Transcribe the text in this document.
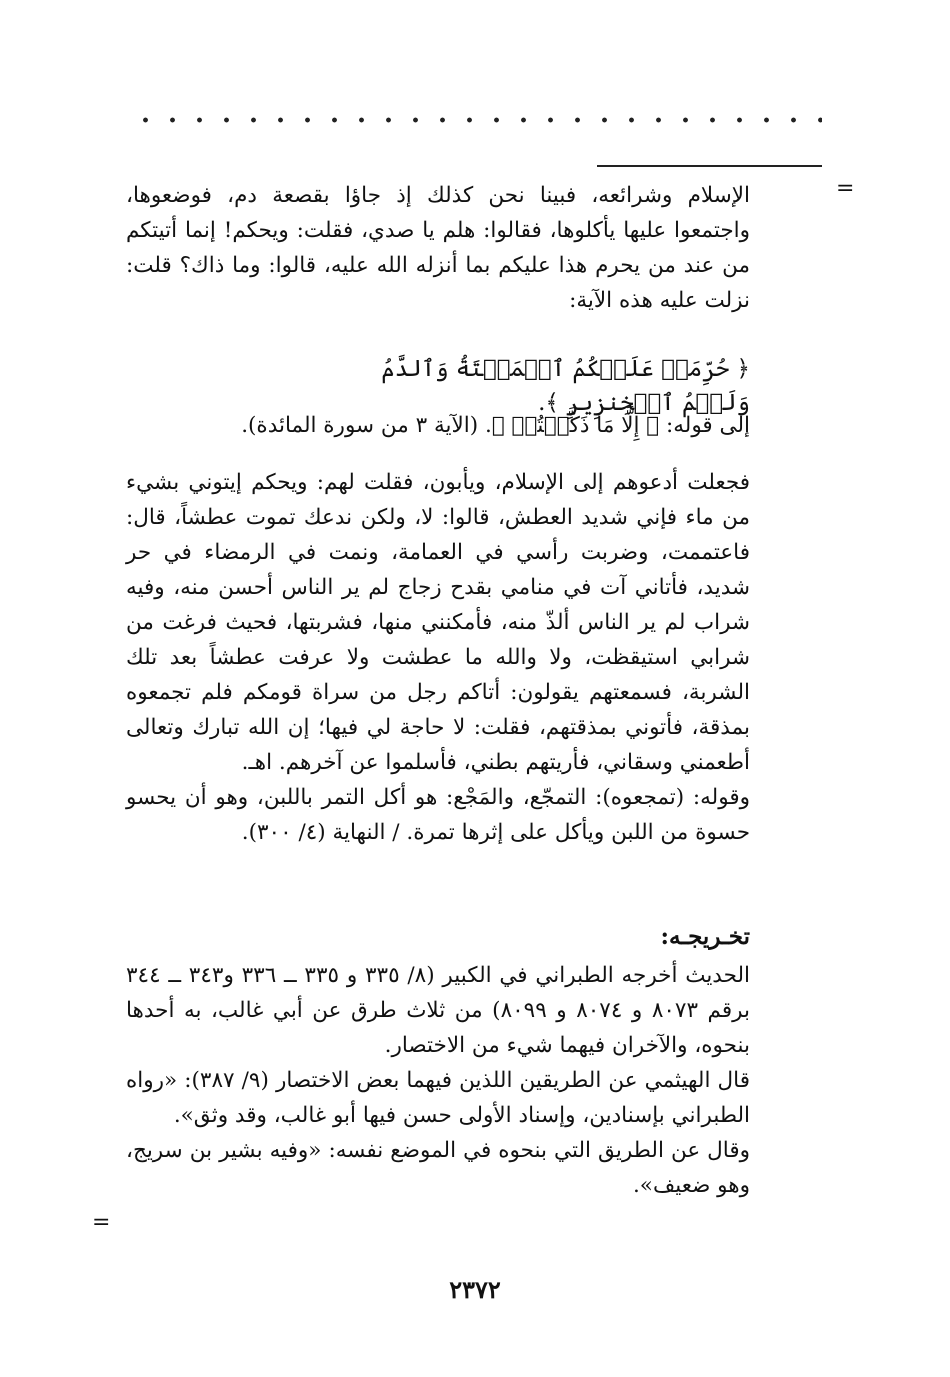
=
=

الإسلام وشرائعه، فبينا نحن كذلك إذ جاؤا بقصعة دم، فوضعوها، واجتمعوا عليها يأكلوها، فقالوا: هلم يا صدي، فقلت: ويحكم! إنما أتيتكم من عند من يحرم هذا عليكم بما أنزله الله عليه، قالوا: وما ذاك؟ قلت: نزلت عليه هذه الآية:

﴿ حُرِّمَتۡ عَلَيۡكُمُ ٱلۡمَيۡتَةُ وَٱلدَّمُ وَلَحۡمُ ٱلۡخِنزِيرِ ﴾.

إلى قوله: ﴿ إِلَّا مَا ذَكَّيۡتُمۡ ﴾. (الآية ٣ من سورة المائدة).

فجعلت أدعوهم إلى الإسلام، ويأبون، فقلت لهم: ويحكم إيتوني بشيء من ماء فإني شديد العطش، قالوا: لا، ولكن ندعك تموت عطشاً، قال: فاعتممت، وضربت رأسي في العمامة، ونمت في الرمضاء في حر شديد، فأتاني آت في منامي بقدح زجاج لم ير الناس أحسن منه، وفيه شراب لم ير الناس ألذّ منه، فأمكنني منها، فشربتها، فحيث فرغت من شرابي استيقظت، ولا والله ما عطشت ولا عرفت عطشاً بعد تلك الشربة، فسمعتهم يقولون: أتاكم رجل من سراة قومكم فلم تجمعوه بمذقة، فأتوني بمذقتهم، فقلت: لا حاجة لي فيها؛ إن الله تبارك وتعالى أطعمني وسقاني، فأريتهم بطني، فأسلموا عن آخرهم. اهـ.

وقوله: (تمجعوه): التمجّع، والمَجْع: هو أكل التمر باللبن، وهو أن يحسو حسوة من اللبن ويأكل على إثرها تمرة. / النهاية (٤/ ٣٠٠).

تخـريجـه:

الحديث أخرجه الطبراني في الكبير (٨/ ٣٣٥ و ٣٣٥ ــ ٣٣٦ و٣٤٣ ــ ٣٤٤ برقم ٨٠٧٣ و ٨٠٧٤ و ٨٠٩٩) من ثلاث طرق عن أبي غالب، به أحدها بنحوه، والآخران فيهما شيء من الاختصار.

قال الهيثمي عن الطريقين اللذين فيهما بعض الاختصار (٩/ ٣٨٧): «رواه الطبراني بإسنادين، وإسناد الأولى حسن فيها أبو غالب، وقد وثق».

وقال عن الطريق التي بنحوه في الموضع نفسه: «وفيه بشير بن سريج، وهو ضعيف».

٢٣٧٢
